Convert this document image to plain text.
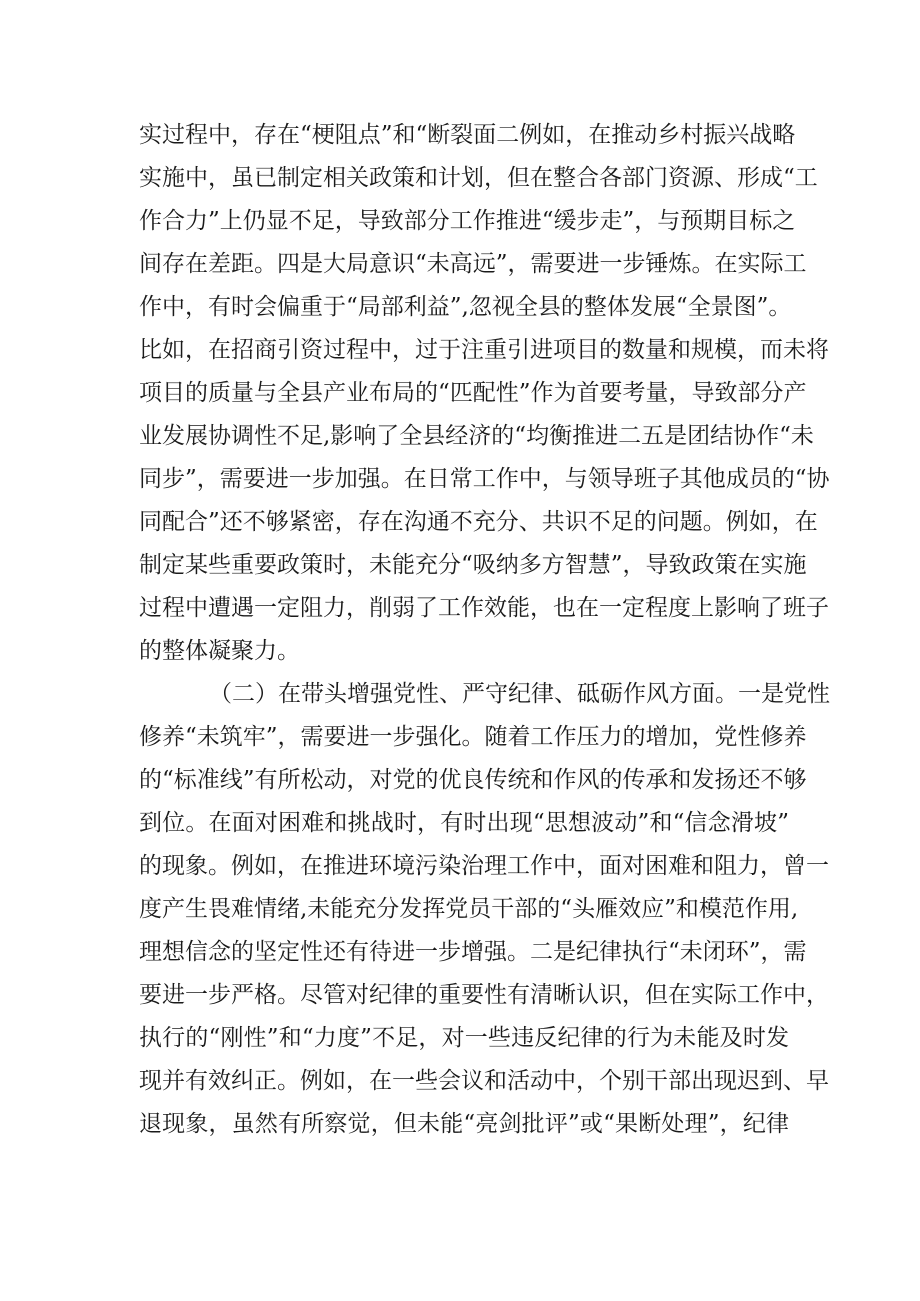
实过程中，存在“梗阻点”和“断裂面二例如，在推动乡村振兴战略
实施中，虽已制定相关政策和计划，但在整合各部门资源、形成“工
作合力”上仍显不足，导致部分工作推进“缓步走”，与预期目标之
间存在差距。四是大局意识“未高远”，需要进一步锤炼。在实际工
作中，有时会偏重于“局部利益”,忽视全县的整体发展“全景图”。
比如，在招商引资过程中，过于注重引进项目的数量和规模，而未将
项目的质量与全县产业布局的“匹配性”作为首要考量，导致部分产
业发展协调性不足,影响了全县经济的“均衡推进二五是团结协作“未
同步”，需要进一步加强。在日常工作中，与领导班子其他成员的“协
同配合”还不够紧密，存在沟通不充分、共识不足的问题。例如，在
制定某些重要政策时，未能充分“吸纳多方智慧”，导致政策在实施
过程中遭遇一定阻力，削弱了工作效能，也在一定程度上影响了班子
的整体凝聚力。
（二）在带头增强党性、严守纪律、砥砺作风方面。一是党性
修养“未筑牢”，需要进一步强化。随着工作压力的增加，党性修养
的“标准线”有所松动，对党的优良传统和作风的传承和发扬还不够
到位。在面对困难和挑战时，有时出现“思想波动”和“信念滑坡”
的现象。例如，在推进环境污染治理工作中，面对困难和阻力，曾一
度产生畏难情绪,未能充分发挥党员干部的“头雁效应”和模范作用,
理想信念的坚定性还有待进一步增强。二是纪律执行“未闭环”，需
要进一步严格。尽管对纪律的重要性有清晰认识，但在实际工作中，
执行的“刚性”和“力度”不足，对一些违反纪律的行为未能及时发
现并有效纠正。例如，在一些会议和活动中，个别干部出现迟到、早
退现象，虽然有所察觉，但未能“亮剑批评”或“果断处理”，纪律
